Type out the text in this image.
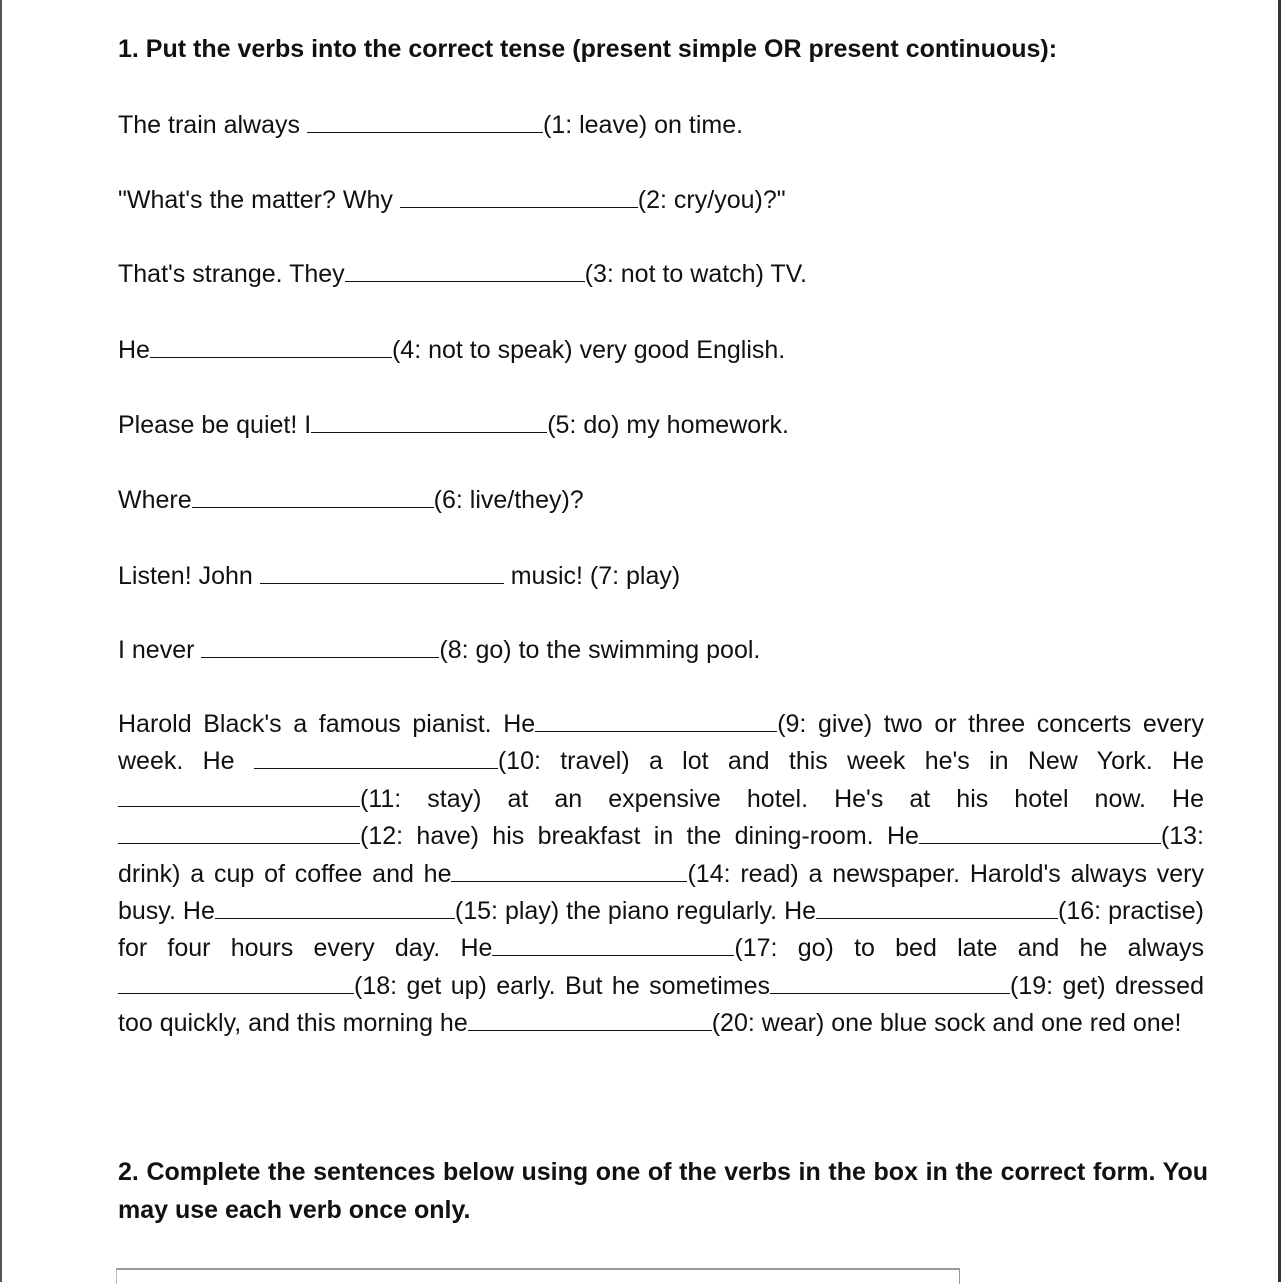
1. Put the verbs into the correct tense (present simple OR present continuous):
The train always	(1: leave) on time.
"What's the matter? Why	(2: cry/you)?"
That's strange. They	(3: not to watch) TV.
He	(4: not to speak) very good English.
Please be quiet! I	(5: do) my homework.
Where	(6: live/they)?
Listen! John	music! (7: play)
I never	(8: go) to the swimming pool.

Harold Black's a famous pianist. He	(9: give) two or three concerts every week. He	(10: travel) a lot and this week he's in New York. He(11: stay) at an expensive hotel. He's at his hotel now. He(12: have) his breakfast in the dining-room. He	(13: drink) a cup of coffee and he	(14: read) a newspaper. Harold's always very busy. He	(15: play) the piano regularly. He	(16: practise) for four hours every day. He	(17: go) to bed late and he always (18: get up) early. But he sometimes	(19: get) dressed too quickly, and this morning he	(20: wear) one blue sock and one red one!

2. Complete the sentences below using one of the verbs in the box in the correct form. You may use each verb once only.
